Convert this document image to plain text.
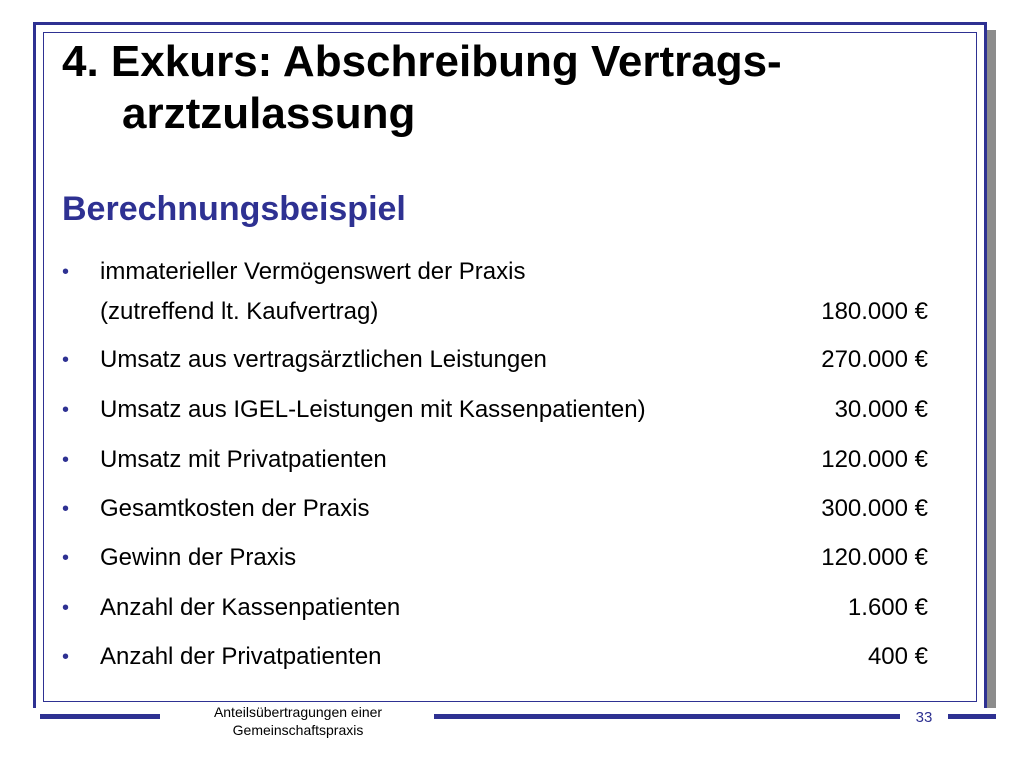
4. Exkurs: Abschreibung Vertrags-
arztzulassung
Berechnungsbeispiel
• immaterieller Vermögenswert der Praxis
(zutreffend lt. Kaufvertrag)	180.000 €
• Umsatz aus vertragsärztlichen Leistungen	270.000 €
• Umsatz aus IGEL-Leistungen mit Kassenpatienten)	30.000 €
• Umsatz mit Privatpatienten	120.000 €
• Gesamtkosten der Praxis	300.000 €
• Gewinn der Praxis	120.000 €
• Anzahl der Kassenpatienten	1.600 €
• Anzahl der Privatpatienten	400 €
Anteilsübertragungen einer
Gemeinschaftspraxis
33
